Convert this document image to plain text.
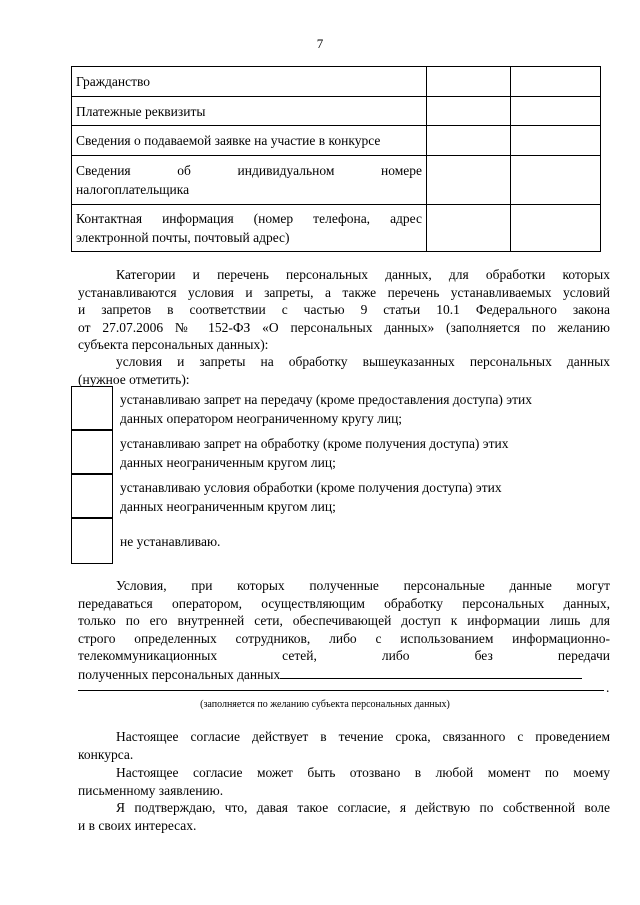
7
Гражданство		
Платежные реквизиты		
Сведения о подаваемой заявке на участие в конкурсе		

Сведения об индивидуальном номере
налогоплательщика		

Контактная информация (номер телефона, адрес
электронной почты, почтовый адрес)		

Категории и перечень персональных данных, для обработки которых
устанавливаются условия и запреты, а также перечень устанавливаемых условий
и запретов в соответствии с частью 9 статьи 10.1 Федерального закона
от 27.07.2006 № 152-ФЗ «О персональных данных» (заполняется по желанию
субъекта персональных данных):
условия и запреты на обработку вышеуказанных персональных данных
(нужное отметить):
устанавливаю запрет на передачу (кроме предоставления доступа) этих
данных оператором неограниченному кругу лиц;
устанавливаю запрет на обработку (кроме получения доступа) этих
данных неограниченным кругом лиц;
устанавливаю условия обработки (кроме получения доступа) этих
данных неограниченным кругом лиц;
не устанавливаю.
Условия, при которых полученные персональные данные могут
передаваться оператором, осуществляющим обработку персональных данных,
только по его внутренней сети, обеспечивающей доступ к информации лишь для
строго определенных сотрудников, либо с использованием информационно-
телекоммуникационных сетей, либо без передачи
полученных персональных данных
.
(заполняется по желанию субъекта персональных данных)
Настоящее согласие действует в течение срока, связанного с проведением
конкурса.
Настоящее согласие может быть отозвано в любой момент по моему
письменному заявлению.
Я подтверждаю, что, давая такое согласие, я действую по собственной воле
и в своих интересах.
